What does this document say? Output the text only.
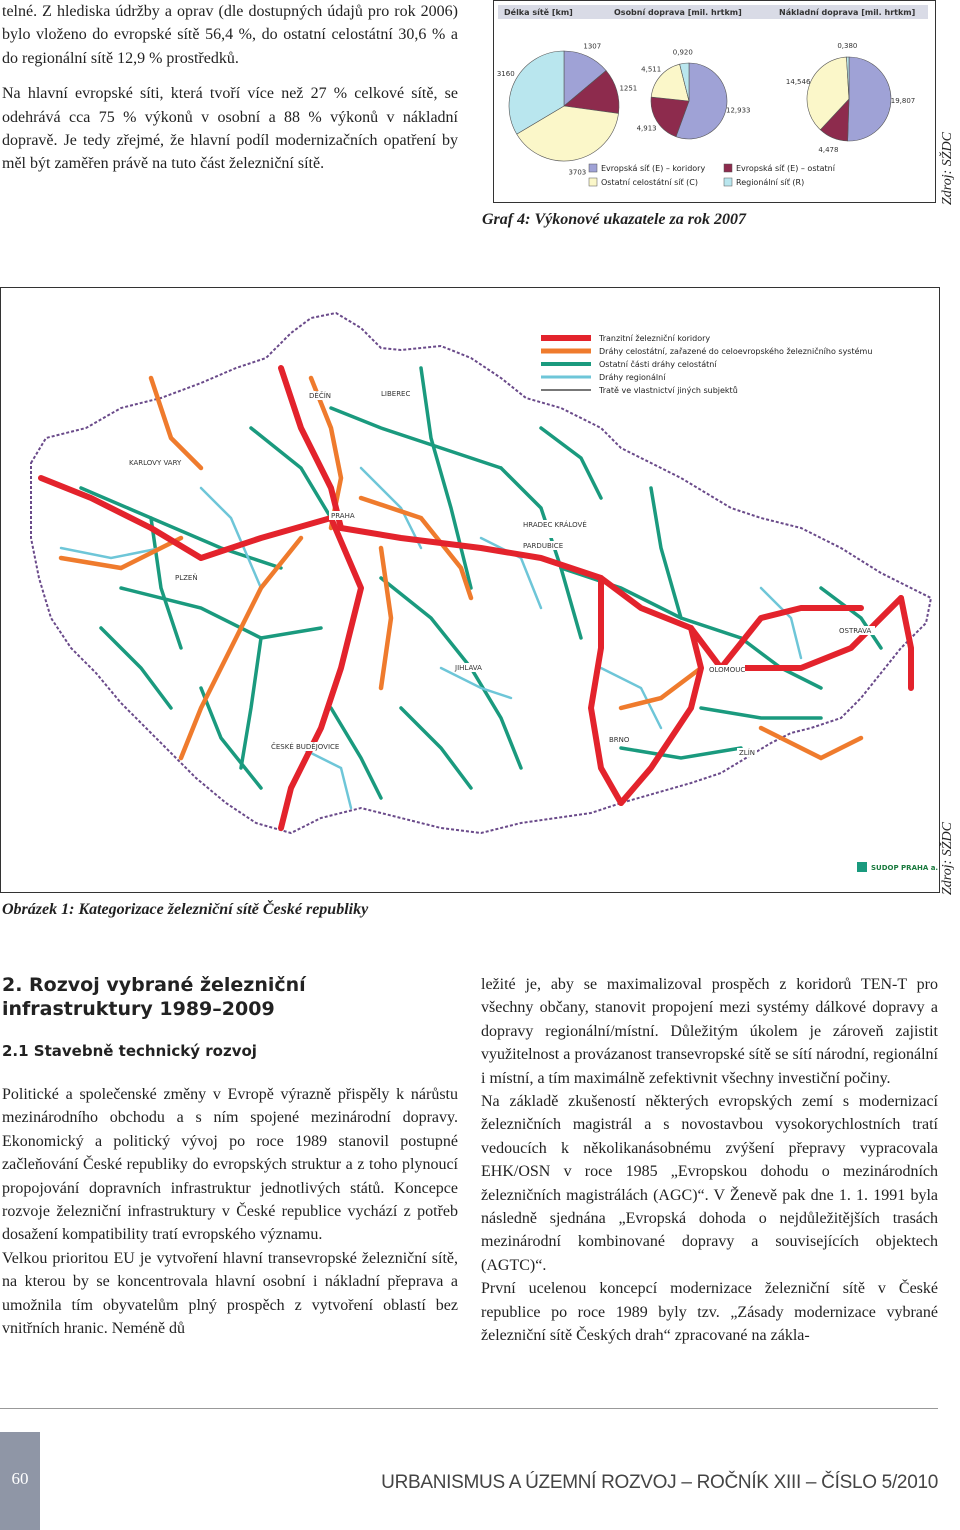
telné. Z hlediska údržby a oprav (dle dostupných údajů pro rok 2006) bylo vloženo do evropské sítě 56,4 %, do ostatní celostátní 30,6 % a do regionální sítě 12,9 % prostředků.

Na hlavní evropské síti, která tvoří více než 27 % celkové sítě, se odehrává cca 75 % výkonů v osobní a 88 % výkonů v nákladní dopravě. Je tedy zřejmé, že hlavní podíl modernizačních opatření by měl být zaměřen právě na tuto část železniční sítě.

Délka sítě [km]	Osobní doprava [mil. hrtkm]	Nákladní doprava [mil. hrtkm]
1307
1251
3703
3160
12,933
4,913
4,511
0,920
19,807
4,478
14,546
0,380
Evropská síť (E) – koridory	Evropská síť (E) – ostatní
Ostatní celostátní síť (C)	Regionální síť (R)
Graf 4: Výkonové ukazatele za rok 2007
Zdroj: SŽDC
Tranzitní železniční koridory
Dráhy celostátní, zařazené do celoevropského železničního systému
Ostatní části dráhy celostátní
Dráhy regionální
Tratě ve vlastnictví jiných subjektů
DĚČÍN	LIBEREC
KARLOVY VARY
PRAHA
HRADEC KRÁLOVÉ
PARDUBICE
PLZEŇ
JIHLAVA
OSTRAVA
OLOMOUC
ČESKÉ BUDĚJOVICE
BRNO
ZLÍN
SUDOP PRAHA a.s.
Obrázek 1: Kategorizace železniční sítě České republiky
Zdroj: SŽDC
2. Rozvoj vybrané železniční infrastruktury 1989–2009
2.1 Stavebně technický rozvoj

Politické a společenské změny v Evropě výrazně přispěly k nárůstu mezinárodního obchodu a s ním spojené mezinárodní dopravy. Ekonomický a politický vývoj po roce 1989 stanovil postupné začleňování České republiky do evropských struktur a z toho plynoucí propojování dopravních infrastruktur jednotlivých států. Koncepce rozvoje železniční infrastruktury v České republice vychází z potřeb dosažení kompatibility tratí evropského významu.

Velkou prioritou EU je vytvoření hlavní transevropské železniční sítě, na kterou by se koncentrovala hlavní osobní i nákladní přeprava a umožnila tím obyvatelům plný prospěch z vytvoření oblastí bez vnitřních hranic. Neméně dů

ležité je, aby se maximalizoval prospěch z koridorů TEN-T pro všechny občany, stanovit propojení mezi systémy dálkové dopravy a dopravy regionální/místní. Důležitým úkolem je zároveň zajistit využitelnost a provázanost transevropské sítě se sítí národní, regionální i místní, a tím maximálně zefektivnit všechny investiční počiny.

Na základě zkušeností některých evropských zemí s modernizací železničních magistrál a s novostavbou vysokorychlostních tratí vedoucích k několikanásobnému zvýšení přepravy vypracovala EHK/OSN v roce 1985 „Evropskou dohodu o mezinárodních železničních magistrálách (AGC)“. V Ženevě pak dne 1. 1. 1991 byla následně sjednána „Evropská dohoda o nejdůležitějších trasách mezinárodní kombinované dopravy a souvisejících objektech (AGTC)“.

První ucelenou koncepcí modernizace železniční sítě v České republice po roce 1989 byly tzv. „Zásady modernizace vybrané železniční sítě Českých drah“ zpracované na zákla-

60	URBANISMUS A ÚZEMNÍ ROZVOJ – ROČNÍK XIII – ČÍSLO 5/2010
